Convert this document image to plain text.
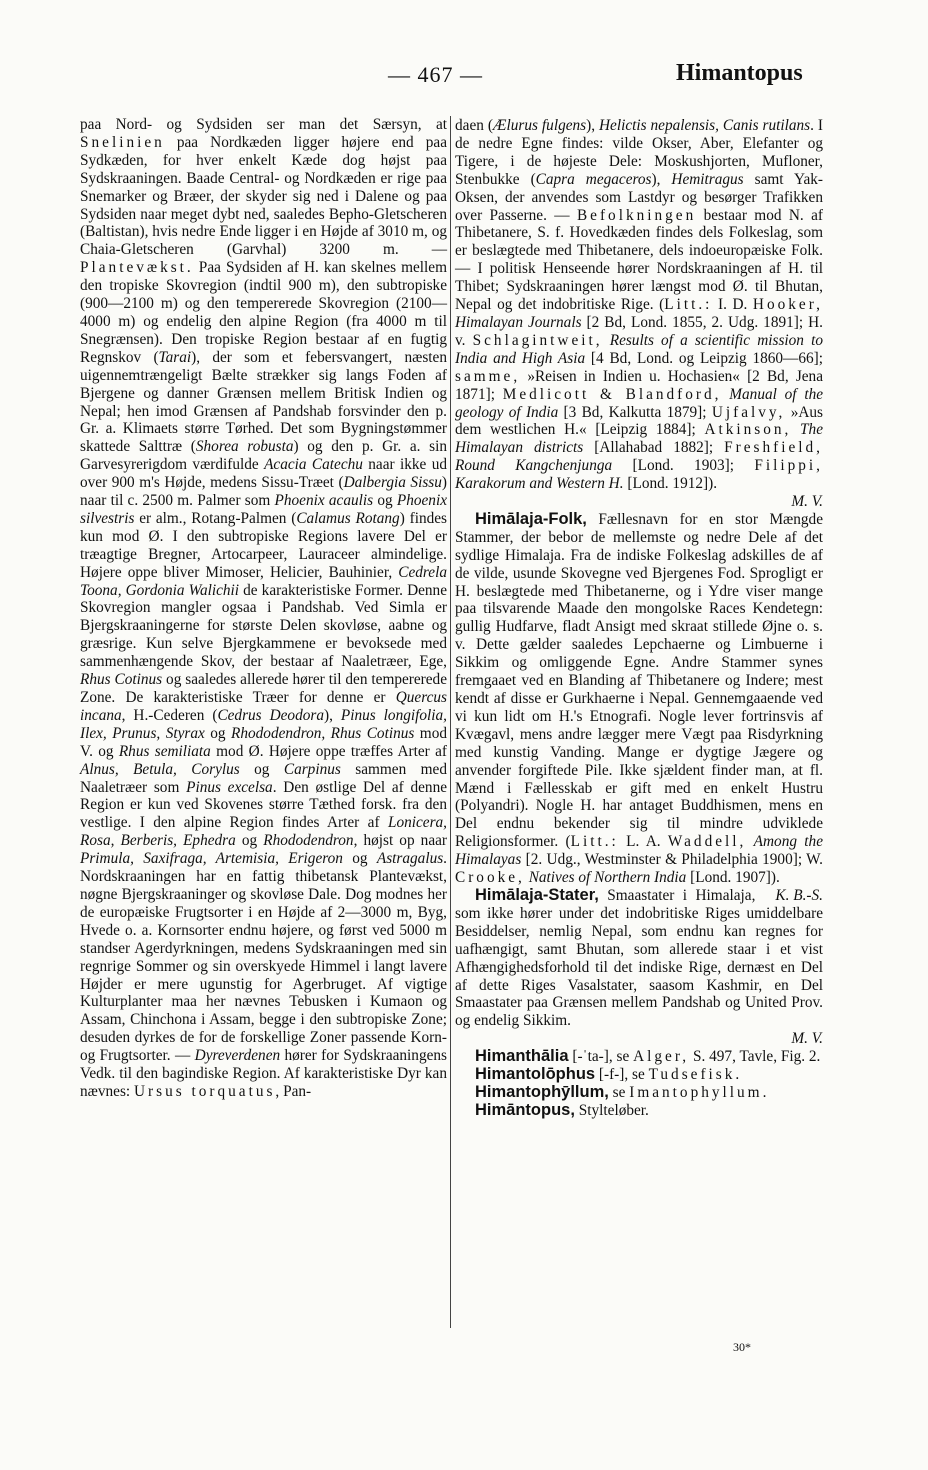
— 467 —	Himantopus

paa Nord- og Sydsiden ser man det Særsyn, at Snelinien paa Nordkæden ligger højere end paa Sydkæden, for hver enkelt Kæde dog højst paa Sydskraaningen. Baade Central- og Nordkæden er rige paa Snemarker og Bræer, der skyder sig ned i Dalene og paa Sydsiden naar meget dybt ned, saaledes Bepho-Gletscheren (Baltistan), hvis nedre Ende ligger i en Højde af 3010 m, og Chaia-Gletscheren (Garvhal) 3200 m. — Plantevækst. Paa Sydsiden af H. kan skelnes mellem den tropiske Skovregion (indtil 900 m), den subtropiske (900—2100 m) og den tempererede Skovregion (2100—4000 m) og endelig den alpine Region (fra 4000 m til Snegrænsen). Den tropiske Region bestaar af en fugtig Regnskov (Tarai), der som et febersvangert, næsten uigennemtrængeligt Bælte strækker sig langs Foden af Bjergene og danner Grænsen mellem Britisk Indien og Nepal; hen imod Grænsen af Pandshab forsvinder den p. Gr. a. Klimaets større Tørhed. Det som Bygningstømmer skattede Salttræ (Shorea robusta) og den p. Gr. a. sin Garvesyrerigdom værdifulde Acacia Catechu naar ikke ud over 900 m's Højde, medens Sissu-Træet (Dalbergia Sissu) naar til c. 2500 m. Palmer som Phoenix acaulis og Phoenix silvestris er alm., Rotang-Palmen (Calamus Rotang) findes kun mod Ø. I den subtropiske Regions lavere Del er træagtige Bregner, Artocarpeer, Lauraceer almindelige. Højere oppe bliver Mimoser, Helicier, Bauhinier, Cedrela Toona, Gordonia Walichii de karakteristiske Former. Denne Skovregion mangler ogsaa i Pandshab. Ved Simla er Bjergskraaningerne for største Delen skovløse, aabne og græsrige. Kun selve Bjergkammene er bevoksede med sammenhængende Skov, der bestaar af Naaletræer, Ege, Rhus Cotinus og saaledes allerede hører til den tempererede Zone. De karakteristiske Træer for denne er Quercus incana, H.-Cederen (Cedrus Deodora), Pinus longifolia, Ilex, Prunus, Styrax og Rhododendron, Rhus Cotinus mod V. og Rhus semiliata mod Ø. Højere oppe træffes Arter af Alnus, Betula, Corylus og Carpinus sammen med Naaletræer som Pinus excelsa. Den østlige Del af denne Region er kun ved Skovenes større Tæthed forsk. fra den vestlige. I den alpine Region findes Arter af Lonicera, Rosa, Berberis, Ephedra og Rhododendron, højst op naar Primula, Saxifraga, Artemisia, Erigeron og Astragalus. Nordskraaningen har en fattig thibetansk Plantevækst, nøgne Bjergskraaninger og skovløse Dale. Dog modnes her de europæiske Frugtsorter i en Højde af 2—3000 m, Byg, Hvede o. a. Kornsorter endnu højere, og først ved 5000 m standser Agerdyrkningen, medens Sydskraaningen med sin regnrige Sommer og sin overskyede Himmel i langt lavere Højder er mere ugunstig for Agerbruget. Af vigtige Kulturplanter maa her nævnes Tebusken i Kumaon og Assam, Chinchona i Assam, begge i den subtropiske Zone; desuden dyrkes de for de forskellige Zoner passende Korn- og Frugtsorter. — Dyreverdenen hører for Sydskraaningens Vedk. til den bagindiske Region. Af karakteristiske Dyr kan nævnes: Ursus torquatus, Pan-

daen (Ælurus fulgens), Helictis nepalensis, Canis rutilans. I de nedre Egne findes: vilde Okser, Aber, Elefanter og Tigere, i de højeste Dele: Moskushjorten, Mufloner, Stenbukke (Capra megaceros), Hemitragus samt Yak-Oksen, der anvendes som Lastdyr og besørger Trafikken over Passerne. — Befolkningen bestaar mod N. af Thibetanere, S. f. Hovedkæden findes dels Folkeslag, som er beslægtede med Thibetanere, dels indoeuropæiske Folk. — I politisk Henseende hører Nordskraaningen af H. til Thibet; Sydskraaningen hører længst mod Ø. til Bhutan, Nepal og det indobritiske Rige. (Litt.: I. D. Hooker, Himalayan Journals [2 Bd, Lond. 1855, 2. Udg. 1891]; H. v. Schlagintweit, Results of a scientific mission to India and High Asia [4 Bd, Lond. og Leipzig 1860—66]; samme, »Reisen in Indien u. Hochasien« [2 Bd, Jena 1871]; Medlicott & Blandford, Manual of the geology of India [3 Bd, Kalkutta 1879]; Ujfalvy, »Aus dem westlichen H.« [Leipzig 1884]; Atkinson, The Himalayan districts [Allahabad 1882]; Freshfield, Round Kangchenjunga [Lond. 1903]; Filippi, Karakorum and Western H. [Lond. 1912]).
M. V.

Himālaja-Folk, Fællesnavn for en stor Mængde Stammer, der bebor de mellemste og nedre Dele af det sydlige Himalaja. Fra de indiske Folkeslag adskilles de af de vilde, usunde Skovegne ved Bjergenes Fod. Sprogligt er H. beslægtede med Thibetanerne, og i Ydre viser mange paa tilsvarende Maade den mongolske Races Kendetegn: gullig Hudfarve, fladt Ansigt med skraat stillede Øjne o. s. v. Dette gælder saaledes Lepchaerne og Limbuerne i Sikkim og omliggende Egne. Andre Stammer synes fremgaaet ved en Blanding af Thibetanere og Indere; mest kendt af disse er Gurkhaerne i Nepal. Gennemgaaende ved vi kun lidt om H.'s Etnografi. Nogle lever fortrinsvis af Kvægavl, mens andre lægger mere Vægt paa Risdyrkning med kunstig Vanding. Mange er dygtige Jægere og anvender forgiftede Pile. Ikke sjældent finder man, at fl. Mænd i Fællesskab er gift med en enkelt Hustru (Polyandri). Nogle H. har antaget Buddhismen, mens en Del endnu bekender sig til mindre udviklede Religionsformer. (Litt.: L. A. Waddell, Among the Himalayas [2. Udg., Westminster & Philadelphia 1900]; W. Crooke, Natives of Northern India [Lond. 1907]).
K. B.-S.

Himālaja-Stater, Smaastater i Himalaja, som ikke hører under det indobritiske Riges umiddelbare Besiddelser, nemlig Nepal, som endnu kan regnes for uafhængigt, samt Bhutan, som allerede staar i et vist Afhængighedsforhold til det indiske Rige, dernæst en Del af dette Riges Vasalstater, saasom Kashmir, en Del Smaastater paa Grænsen mellem Pandshab og United Prov. og endelig Sikkim.
M. V.

Himanthālia [-ˈta-], se Alger, S. 497, Tavle, Fig. 2.

Himantolōphus [-f-], se Tudsefisk.

Himantophȳllum, se Imantophyllum.

Himāntopus, Stylteløber.

30*
